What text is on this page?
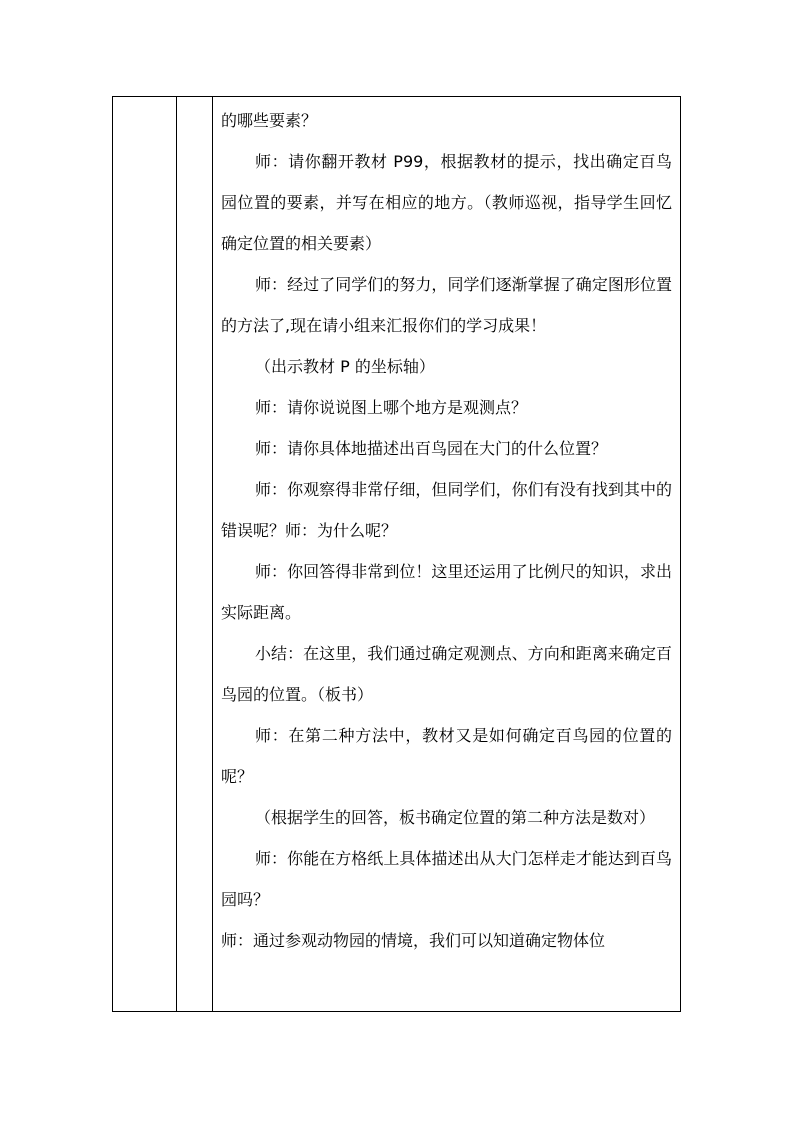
的哪些要素？

师：请你翻开教材 P99，根据教材的提示，找出确定百鸟园位置的要素，并写在相应的地方。（教师巡视，指导学生回忆确定位置的相关要素）

师：经过了同学们的努力，同学们逐渐掌握了确定图形位置的方法了,现在请小组来汇报你们的学习成果！

（出示教材 P 的坐标轴）

师：请你说说图上哪个地方是观测点？

师：请你具体地描述出百鸟园在大门的什么位置？

师：你观察得非常仔细，但同学们，你们有没有找到其中的错误呢？师：为什么呢？

师：你回答得非常到位！这里还运用了比例尺的知识，求出实际距离。

小结：在这里，我们通过确定观测点、方向和距离来确定百鸟园的位置。（板书）

师：在第二种方法中，教材又是如何确定百鸟园的位置的呢？

（根据学生的回答，板书确定位置的第二种方法是数对）

师：你能在方格纸上具体描述出从大门怎样走才能达到百鸟园吗？

师：通过参观动物园的情境，我们可以知道确定物体位
